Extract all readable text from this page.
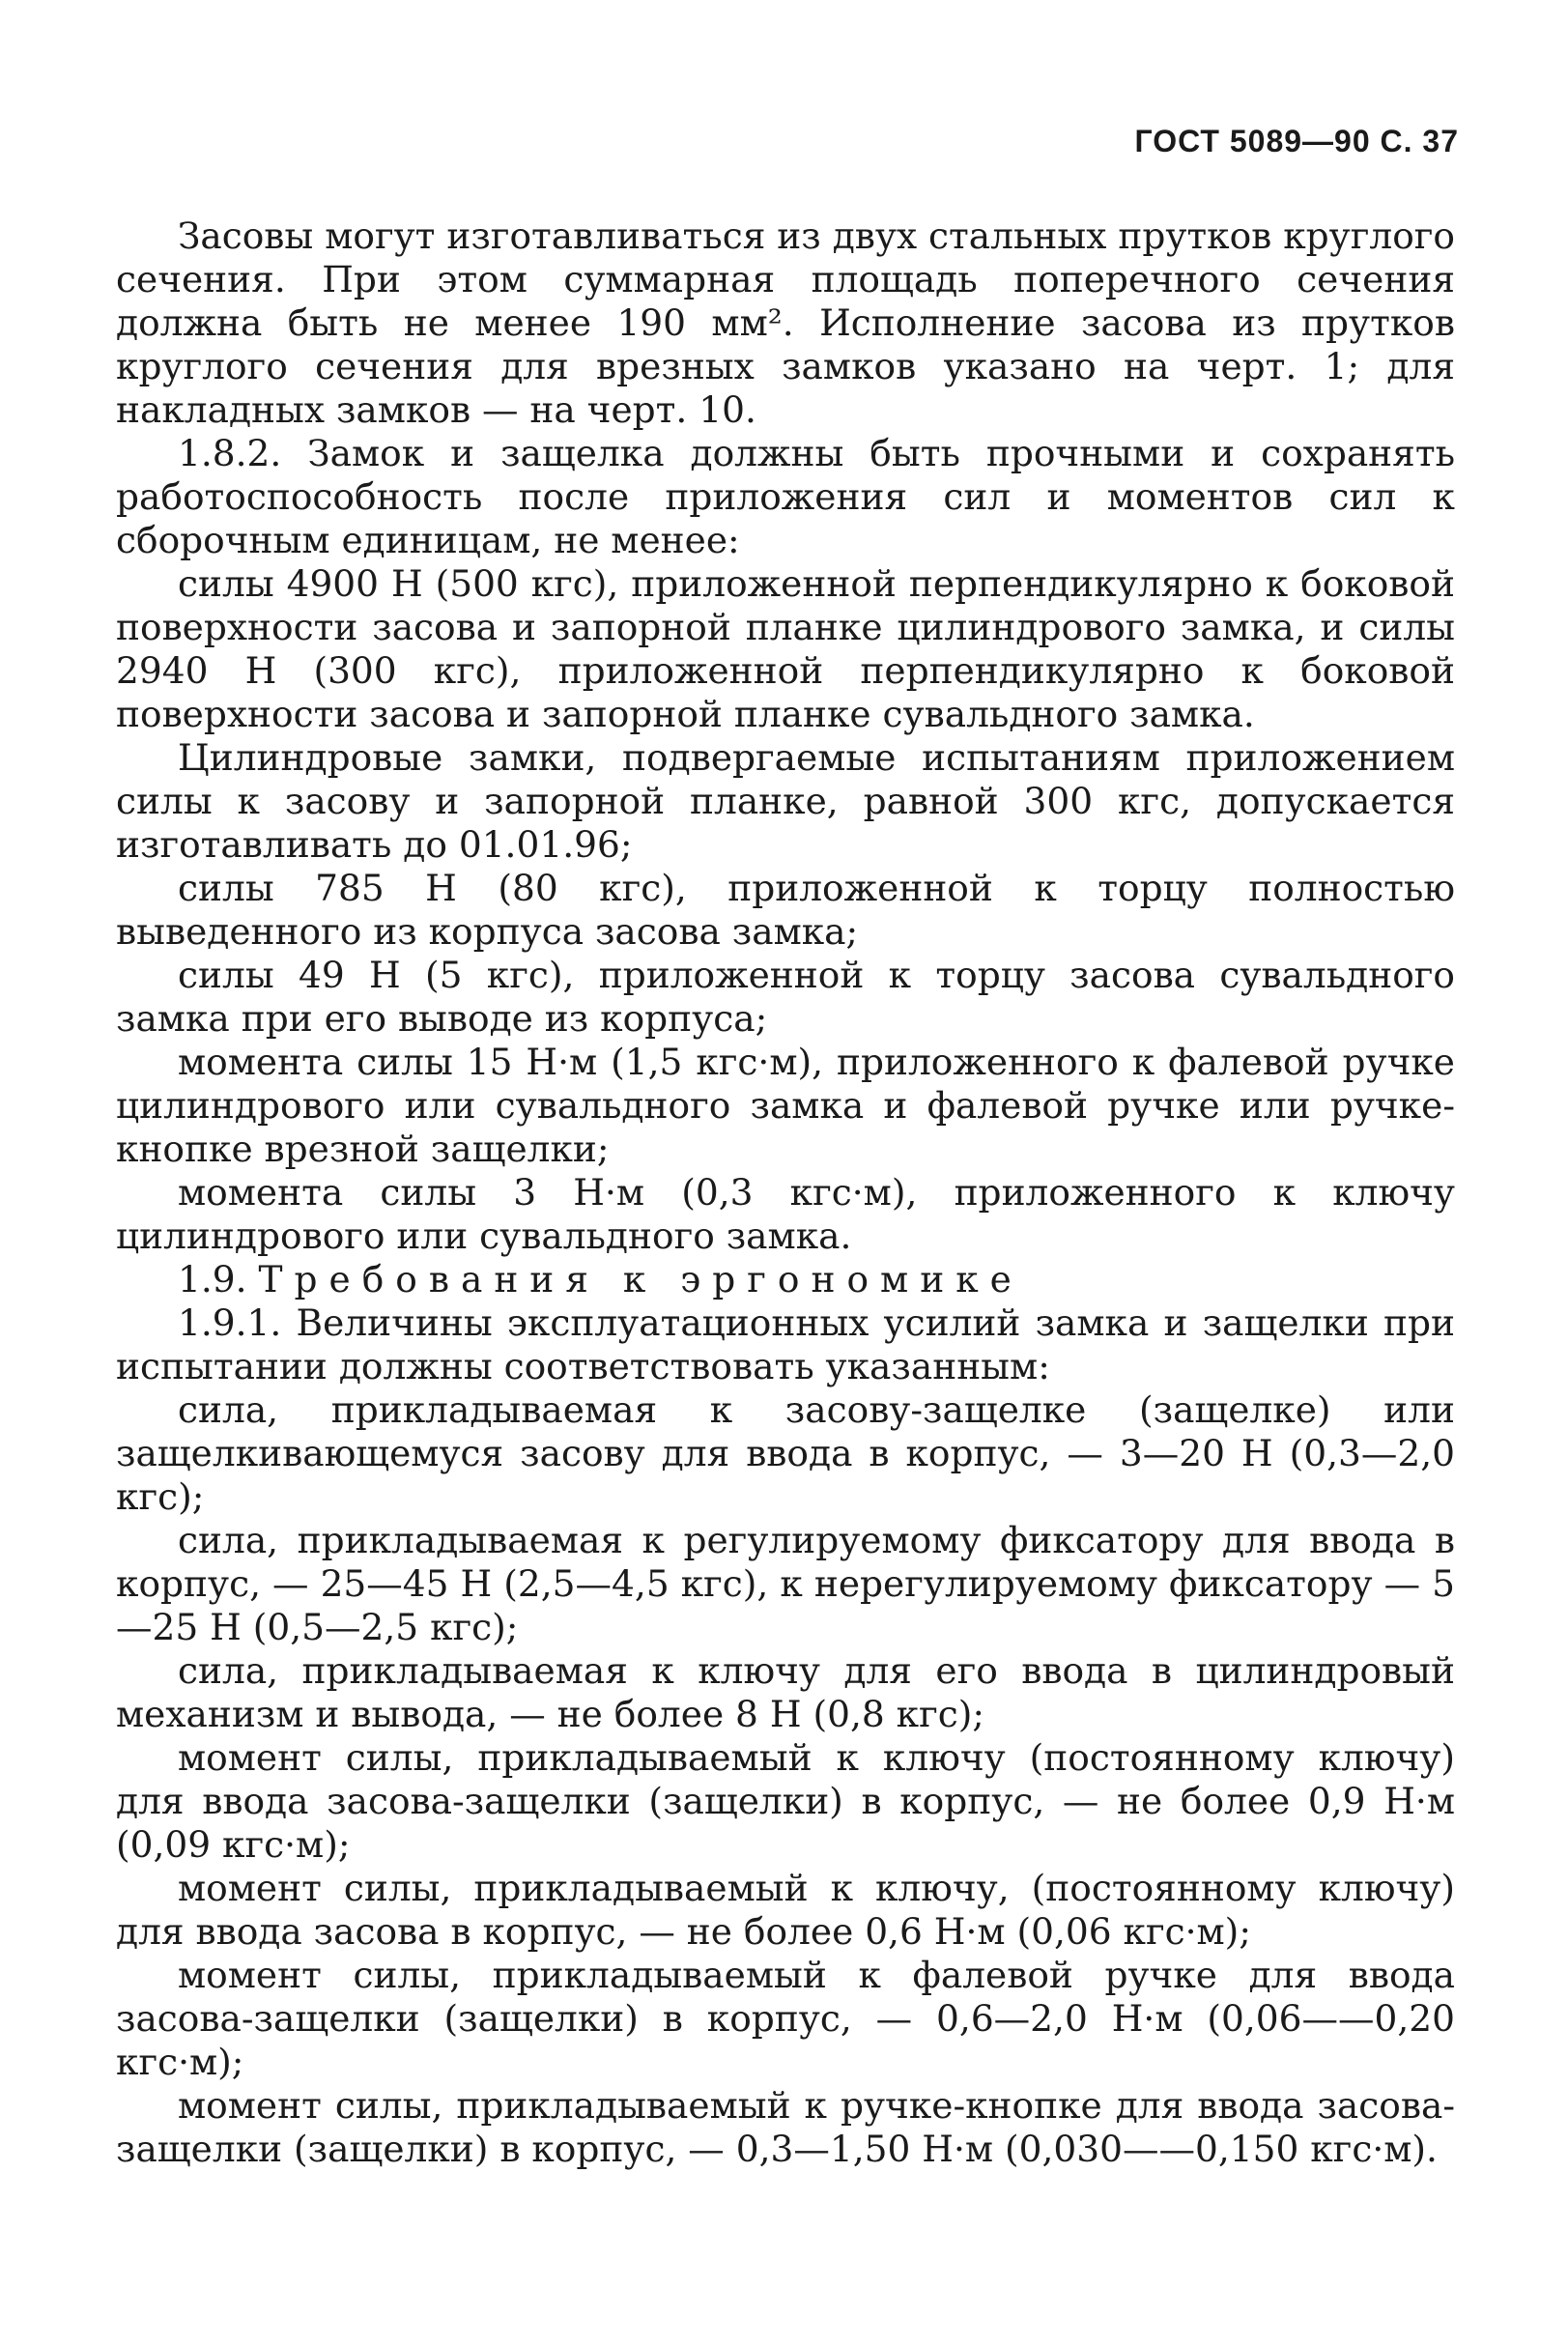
ГОСТ 5089—90 С. 37

Засовы могут изготавливаться из двух стальных прутков круглого сечения. При этом суммарная площадь поперечного сечения должна быть не менее 190 мм². Исполнение засова из прутков круглого сечения для врезных замков указано на черт. 1; для накладных замков — на черт. 10.

1.8.2. Замок и защелка должны быть прочными и сохранять работоспособность после приложения сил и моментов сил к сборочным единицам, не менее:

силы 4900 Н (500 кгс), приложенной перпендикулярно к боковой поверхности засова и запорной планке цилиндрового замка, и силы 2940 Н (300 кгс), приложенной перпендикулярно к боковой поверхности засова и запорной планке сувальдного замка.

Цилиндровые замки, подвергаемые испытаниям приложением силы к засову и запорной планке, равной 300 кгс, допускается изготавливать до 01.01.96;

силы 785 Н (80 кгс), приложенной к торцу полностью выведенного из корпуса засова замка;

силы 49 Н (5 кгс), приложенной к торцу засова сувальдного замка при его выводе из корпуса;

момента силы 15 Н·м (1,5 кгс·м), приложенного к фалевой ручке цилиндрового или сувальдного замка и фалевой ручке или ручке-кнопке врезной защелки;

момента силы 3 Н·м (0,3 кгс·м), приложенного к ключу цилиндрового или сувальдного замка.

1.9. Требования к эргономике

1.9.1. Величины эксплуатационных усилий замка и защелки при испытании должны соответствовать указанным:

сила, прикладываемая к засову-защелке (защелке) или защелкивающемуся засову для ввода в корпус, — 3—20 Н (0,3—2,0 кгс);

сила, прикладываемая к регулируемому фиксатору для ввода в корпус, — 25—45 Н (2,5—4,5 кгс), к нерегулируемому фиксатору — 5—25 Н (0,5—2,5 кгс);

сила, прикладываемая к ключу для его ввода в цилиндровый механизм и вывода, — не более 8 Н (0,8 кгс);

момент силы, прикладываемый к ключу (постоянному ключу) для ввода засова-защелки (защелки) в корпус, — не более 0,9 Н·м (0,09 кгс·м);

момент силы, прикладываемый к ключу, (постоянному ключу) для ввода засова в корпус, — не более 0,6 Н·м (0,06 кгс·м);

момент силы, прикладываемый к фалевой ручке для ввода засова-защелки (защелки) в корпус, — 0,6—2,0 Н·м (0,06——0,20 кгс·м);

момент силы, прикладываемый к ручке-кнопке для ввода засова-защелки (защелки) в корпус, — 0,3—1,50 Н·м (0,030——0,150 кгс·м).
